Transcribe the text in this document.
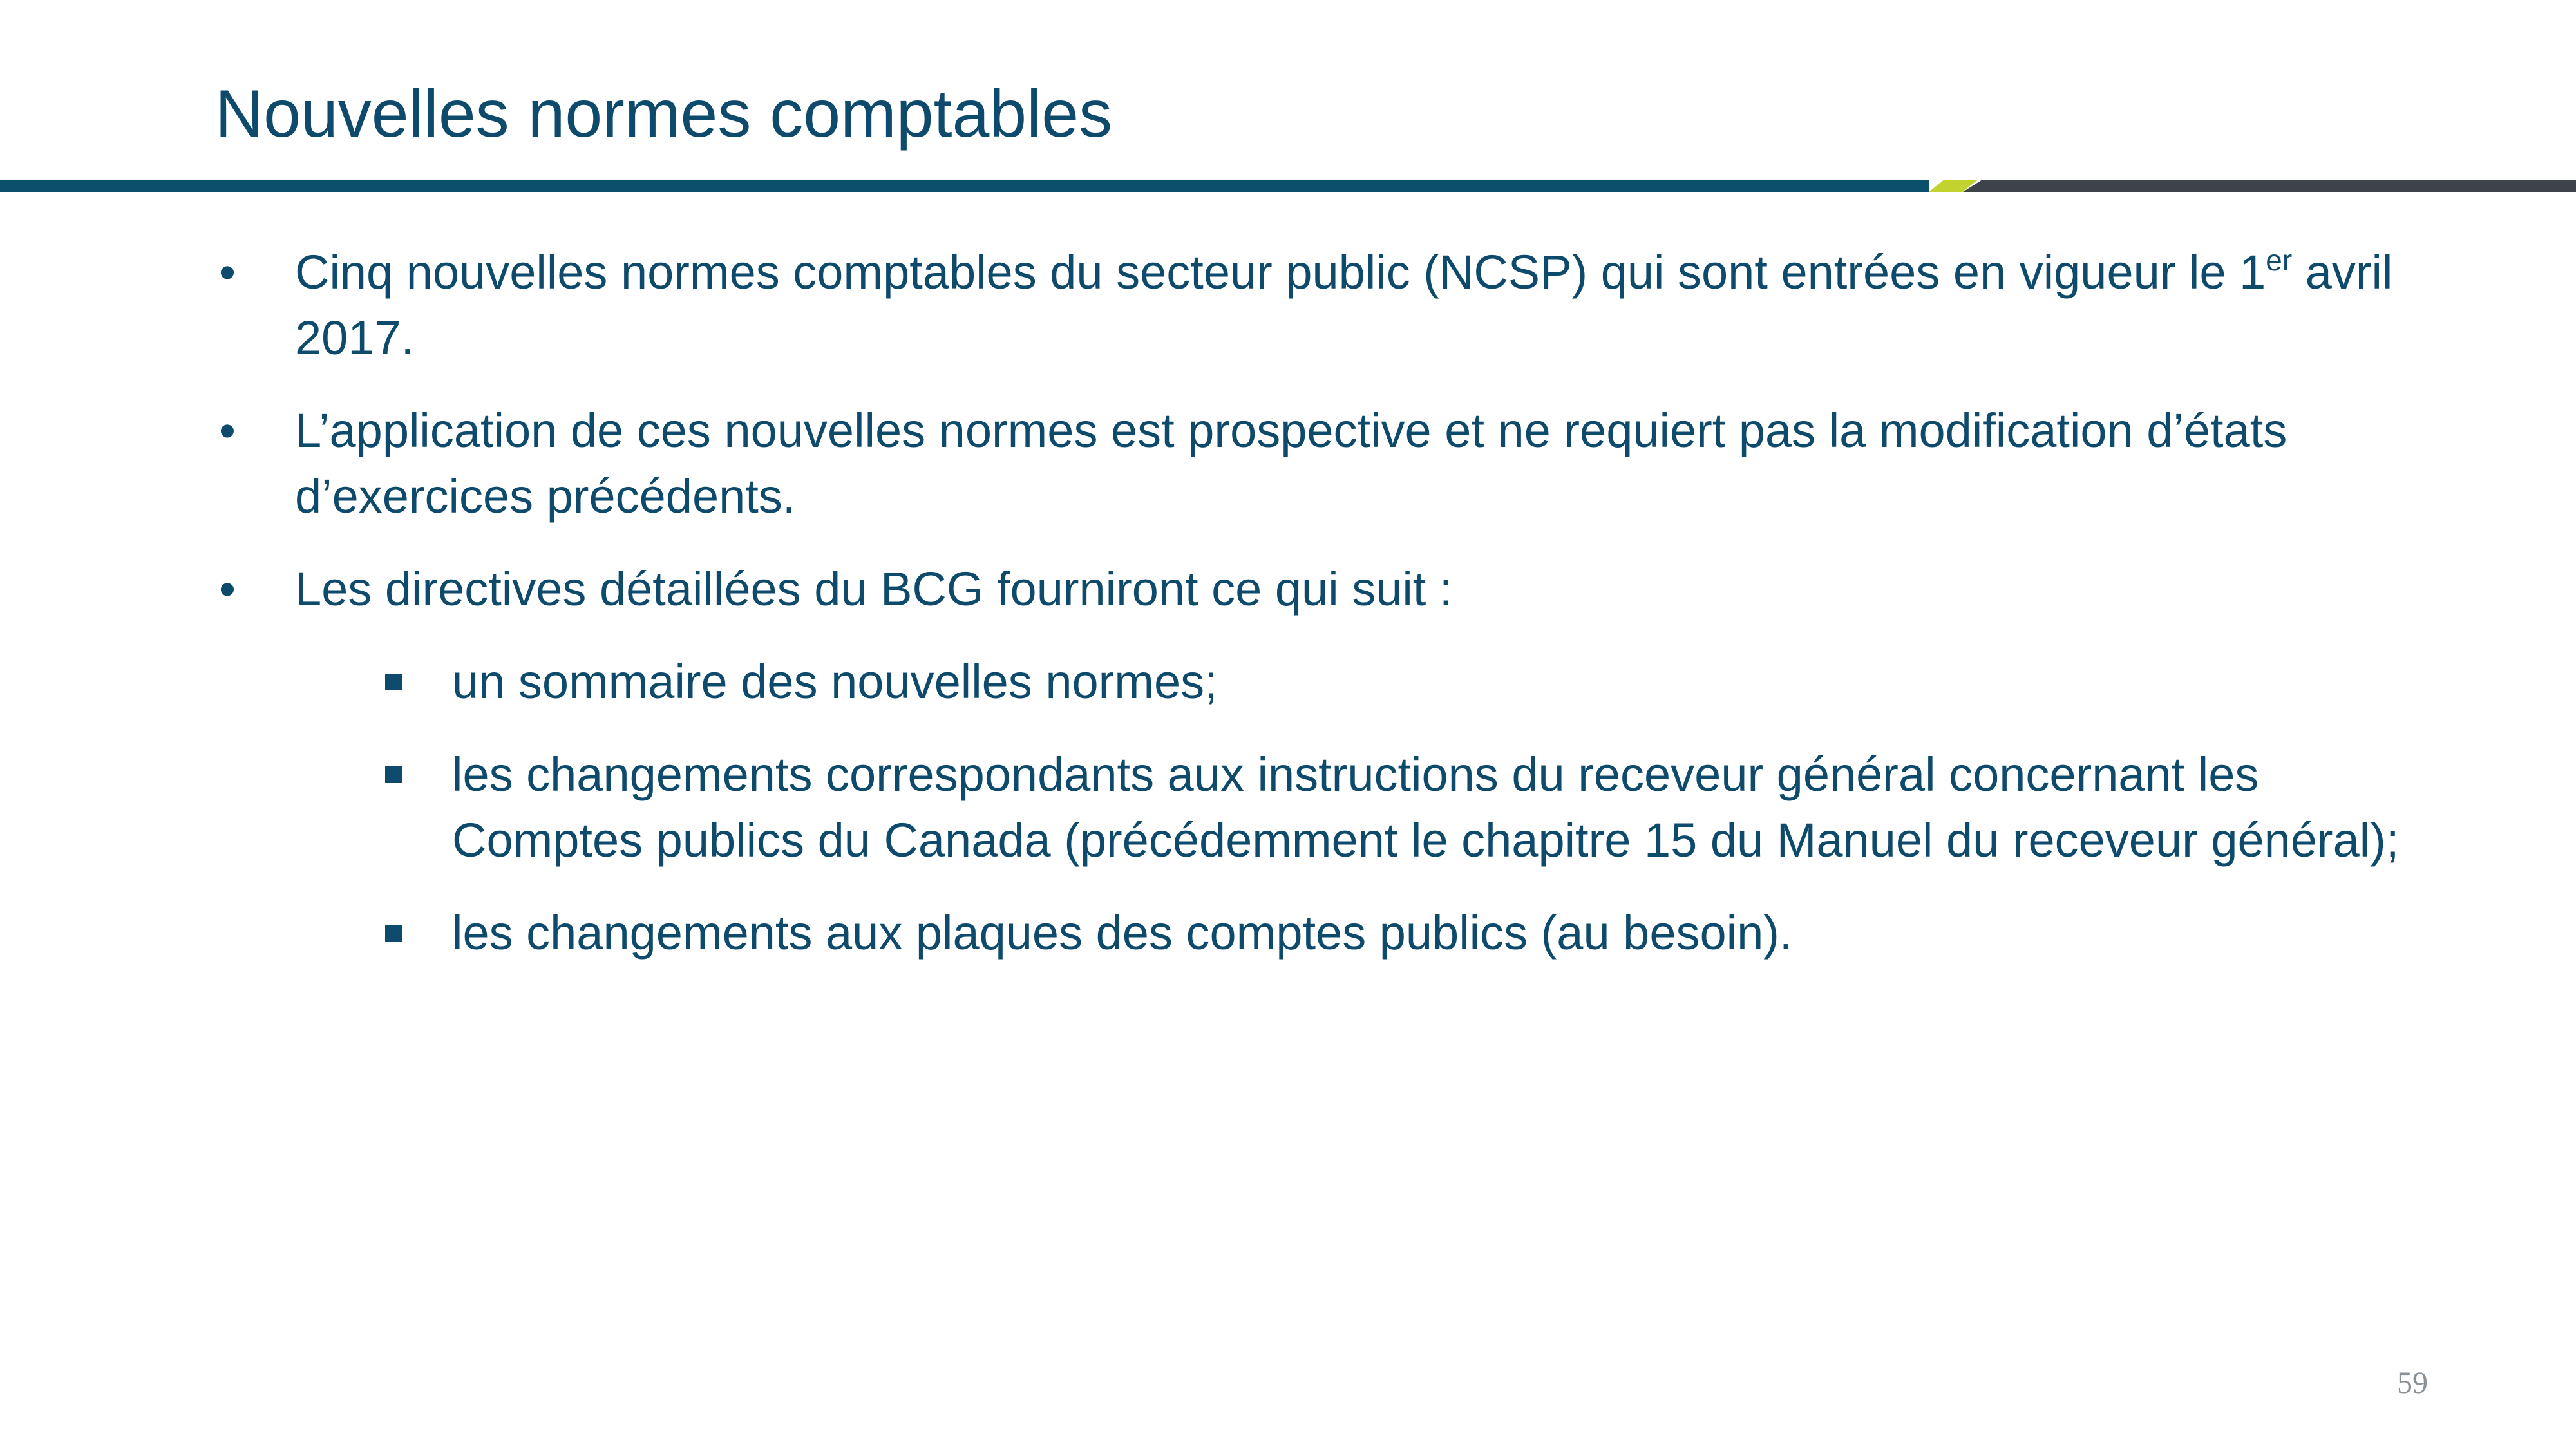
Nouvelles normes comptables
•	Cinq nouvelles normes comptables du secteur public (NCSP) qui sont entrées en vigueur le 1er avril 2017.
•	L’application de ces nouvelles normes est prospective et ne requiert pas la modification d’états d’exercices précédents.
•	Les directives détaillées du BCG fourniront ce qui suit :
un sommaire des nouvelles normes;
les changements correspondants aux instructions du receveur général concernant les Comptes publics du Canada (précédemment le chapitre 15 du Manuel du receveur général);
les changements aux plaques des comptes publics (au besoin).
59
